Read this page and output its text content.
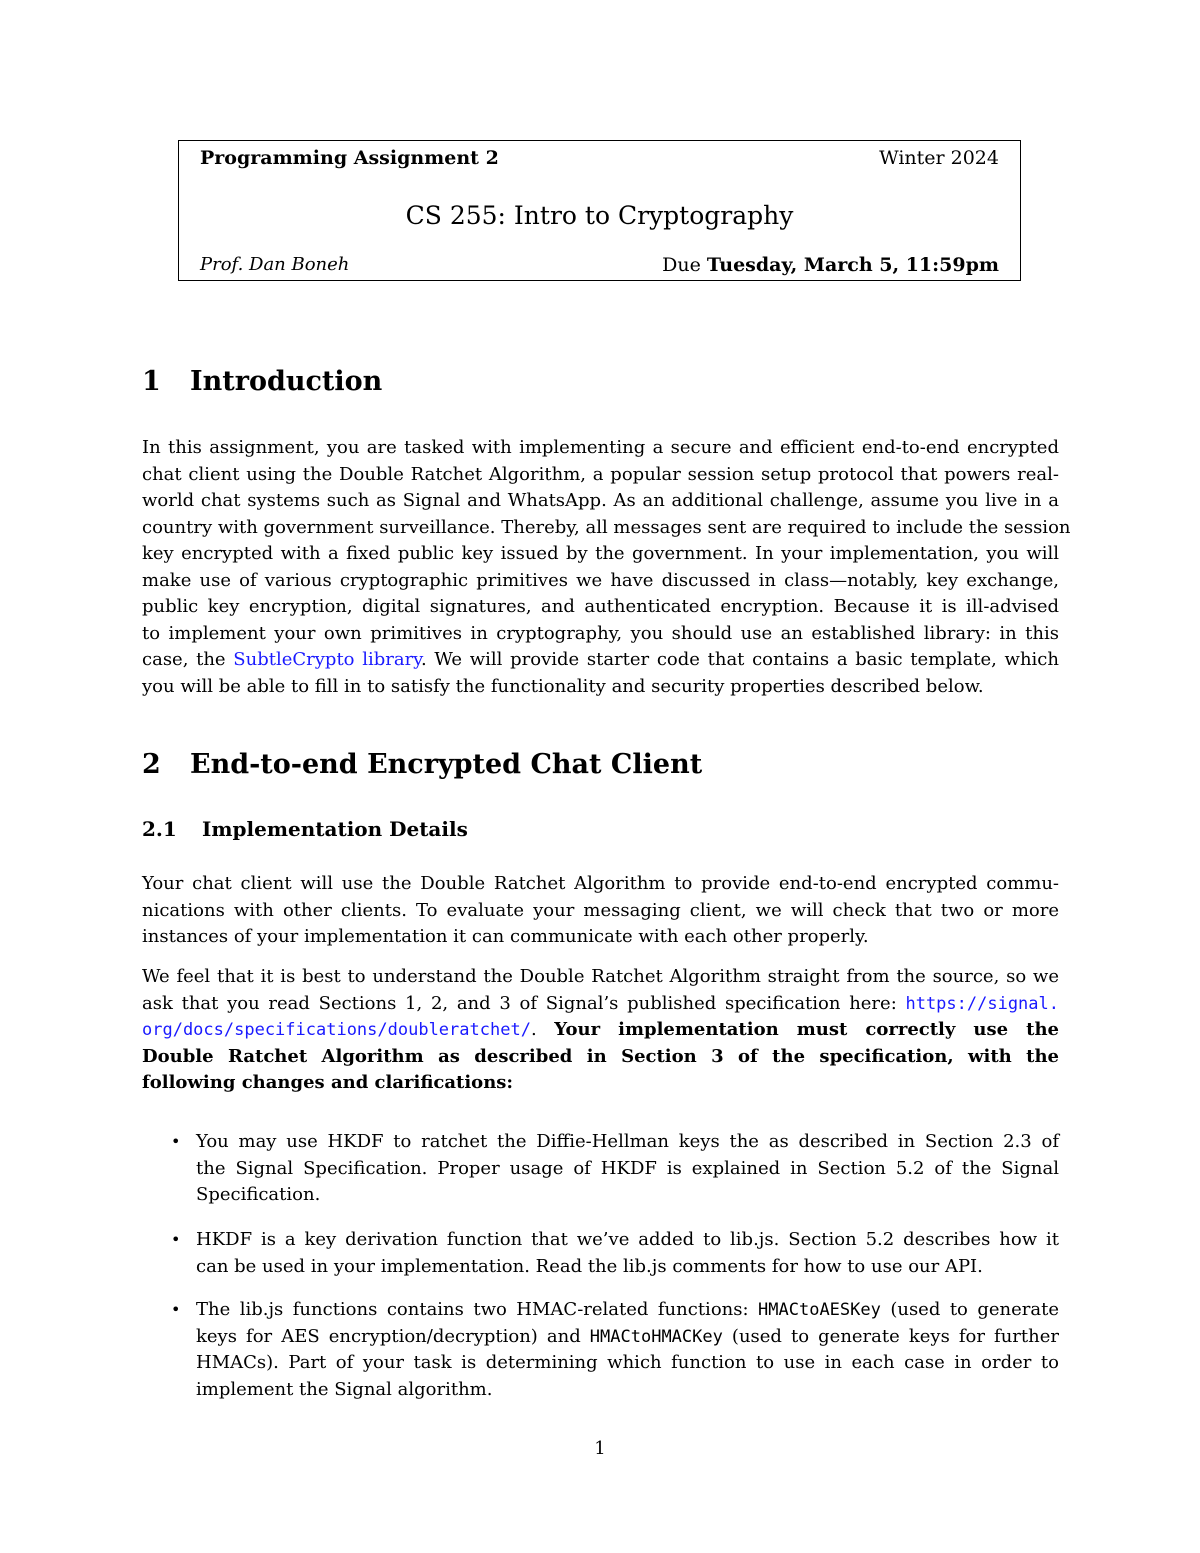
Programming Assignment 2	Winter 2024
CS 255: Intro to Cryptography
Prof. Dan Boneh	Due Tuesday, March 5, 11:59pm
1 Introduction
In this assignment, you are tasked with implementing a secure and efficient end-to-end encrypted
chat client using the Double Ratchet Algorithm, a popular session setup protocol that powers real-
world chat systems such as Signal and WhatsApp. As an additional challenge, assume you live in a
country with government surveillance. Thereby, all messages sent are required to include the session
key encrypted with a fixed public key issued by the government. In your implementation, you will
make use of various cryptographic primitives we have discussed in class—notably, key exchange,
public key encryption, digital signatures, and authenticated encryption. Because it is ill-advised
to implement your own primitives in cryptography, you should use an established library: in this
case, the SubtleCrypto library. We will provide starter code that contains a basic template, which
you will be able to fill in to satisfy the functionality and security properties described below.
2 End-to-end Encrypted Chat Client
2.1 Implementation Details
Your chat client will use the Double Ratchet Algorithm to provide end-to-end encrypted commu-
nications with other clients. To evaluate your messaging client, we will check that two or more
instances of your implementation it can communicate with each other properly.
We feel that it is best to understand the Double Ratchet Algorithm straight from the source, so we
ask that you read Sections 1, 2, and 3 of Signal’s published specification here: https://signal.
org/docs/specifications/doubleratchet/. Your implementation must correctly use the
Double Ratchet Algorithm as described in Section 3 of the specification, with the
following changes and clarifications:
• You may use HKDF to ratchet the Diffie-Hellman keys the as described in Section 2.3 of
the Signal Specification. Proper usage of HKDF is explained in Section 5.2 of the Signal
Specification.
• HKDF is a key derivation function that we’ve added to lib.js. Section 5.2 describes how it
can be used in your implementation. Read the lib.js comments for how to use our API.
• The lib.js functions contains two HMAC-related functions: HMACtoAESKey (used to generate
keys for AES encryption/decryption) and HMACtoHMACKey (used to generate keys for further
HMACs). Part of your task is determining which function to use in each case in order to
implement the Signal algorithm.
1
